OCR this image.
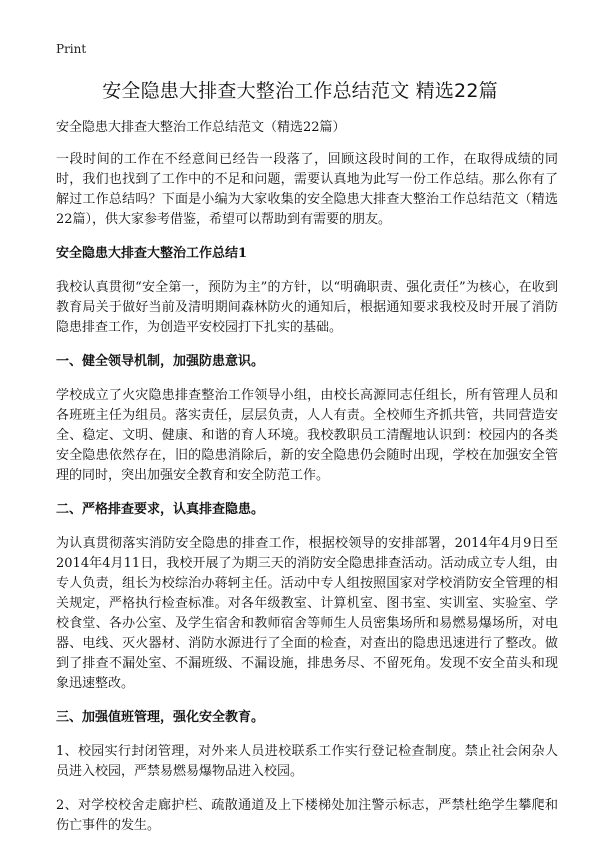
Print
安全隐患大排查大整治工作总结范文 精选22篇

安全隐患大排查大整治工作总结范文（精选22篇）

一段时间的工作在不经意间已经告一段落了，回顾这段时间的工作，在取得成绩的同时，我们也找到了工作中的不足和问题，需要认真地为此写一份工作总结。那么你有了解过工作总结吗？下面是小编为大家收集的安全隐患大排查大整治工作总结范文（精选22篇），供大家参考借鉴，希望可以帮助到有需要的朋友。

安全隐患大排查大整治工作总结1

我校认真贯彻“安全第一，预防为主”的方针，以“明确职责、强化责任”为核心，在收到教育局关于做好当前及清明期间森林防火的通知后，根据通知要求我校及时开展了消防隐患排查工作，为创造平安校园打下扎实的基础。

一、健全领导机制，加强防患意识。

学校成立了火灾隐患排查整治工作领导小组，由校长高源同志任组长，所有管理人员和各班班主任为组员。落实责任，层层负责，人人有责。全校师生齐抓共管，共同营造安全、稳定、文明、健康、和谐的育人环境。我校教职员工清醒地认识到：校园内的各类安全隐患依然存在，旧的隐患消除后，新的安全隐患仍会随时出现，学校在加强安全管理的同时，突出加强安全教育和安全防范工作。

二、严格排查要求，认真排查隐患。

为认真贯彻落实消防安全隐患的排查工作，根据校领导的安排部署，2014年4月9日至2014年4月11日，我校开展了为期三天的消防安全隐患排查活动。活动成立专人组，由专人负责，组长为校综治办蒋轲主任。活动中专人组按照国家对学校消防安全管理的相关规定，严格执行检查标准。对各年级教室、计算机室、图书室、实训室、实验室、学校食堂、各办公室、及学生宿舍和教师宿舍等师生人员密集场所和易燃易爆场所，对电器、电线、灭火器材、消防水源进行了全面的检查，对查出的隐患迅速进行了整改。做到了排查不漏处室、不漏班级、不漏设施，排患务尽、不留死角。发现不安全苗头和现象迅速整改。

三、加强值班管理，强化安全教育。

1、校园实行封闭管理，对外来人员进校联系工作实行登记检查制度。禁止社会闲杂人员进入校园，严禁易燃易爆物品进入校园。

2、对学校校舍走廊护栏、疏散通道及上下楼梯处加注警示标志，严禁杜绝学生攀爬和伤亡事件的发生。
